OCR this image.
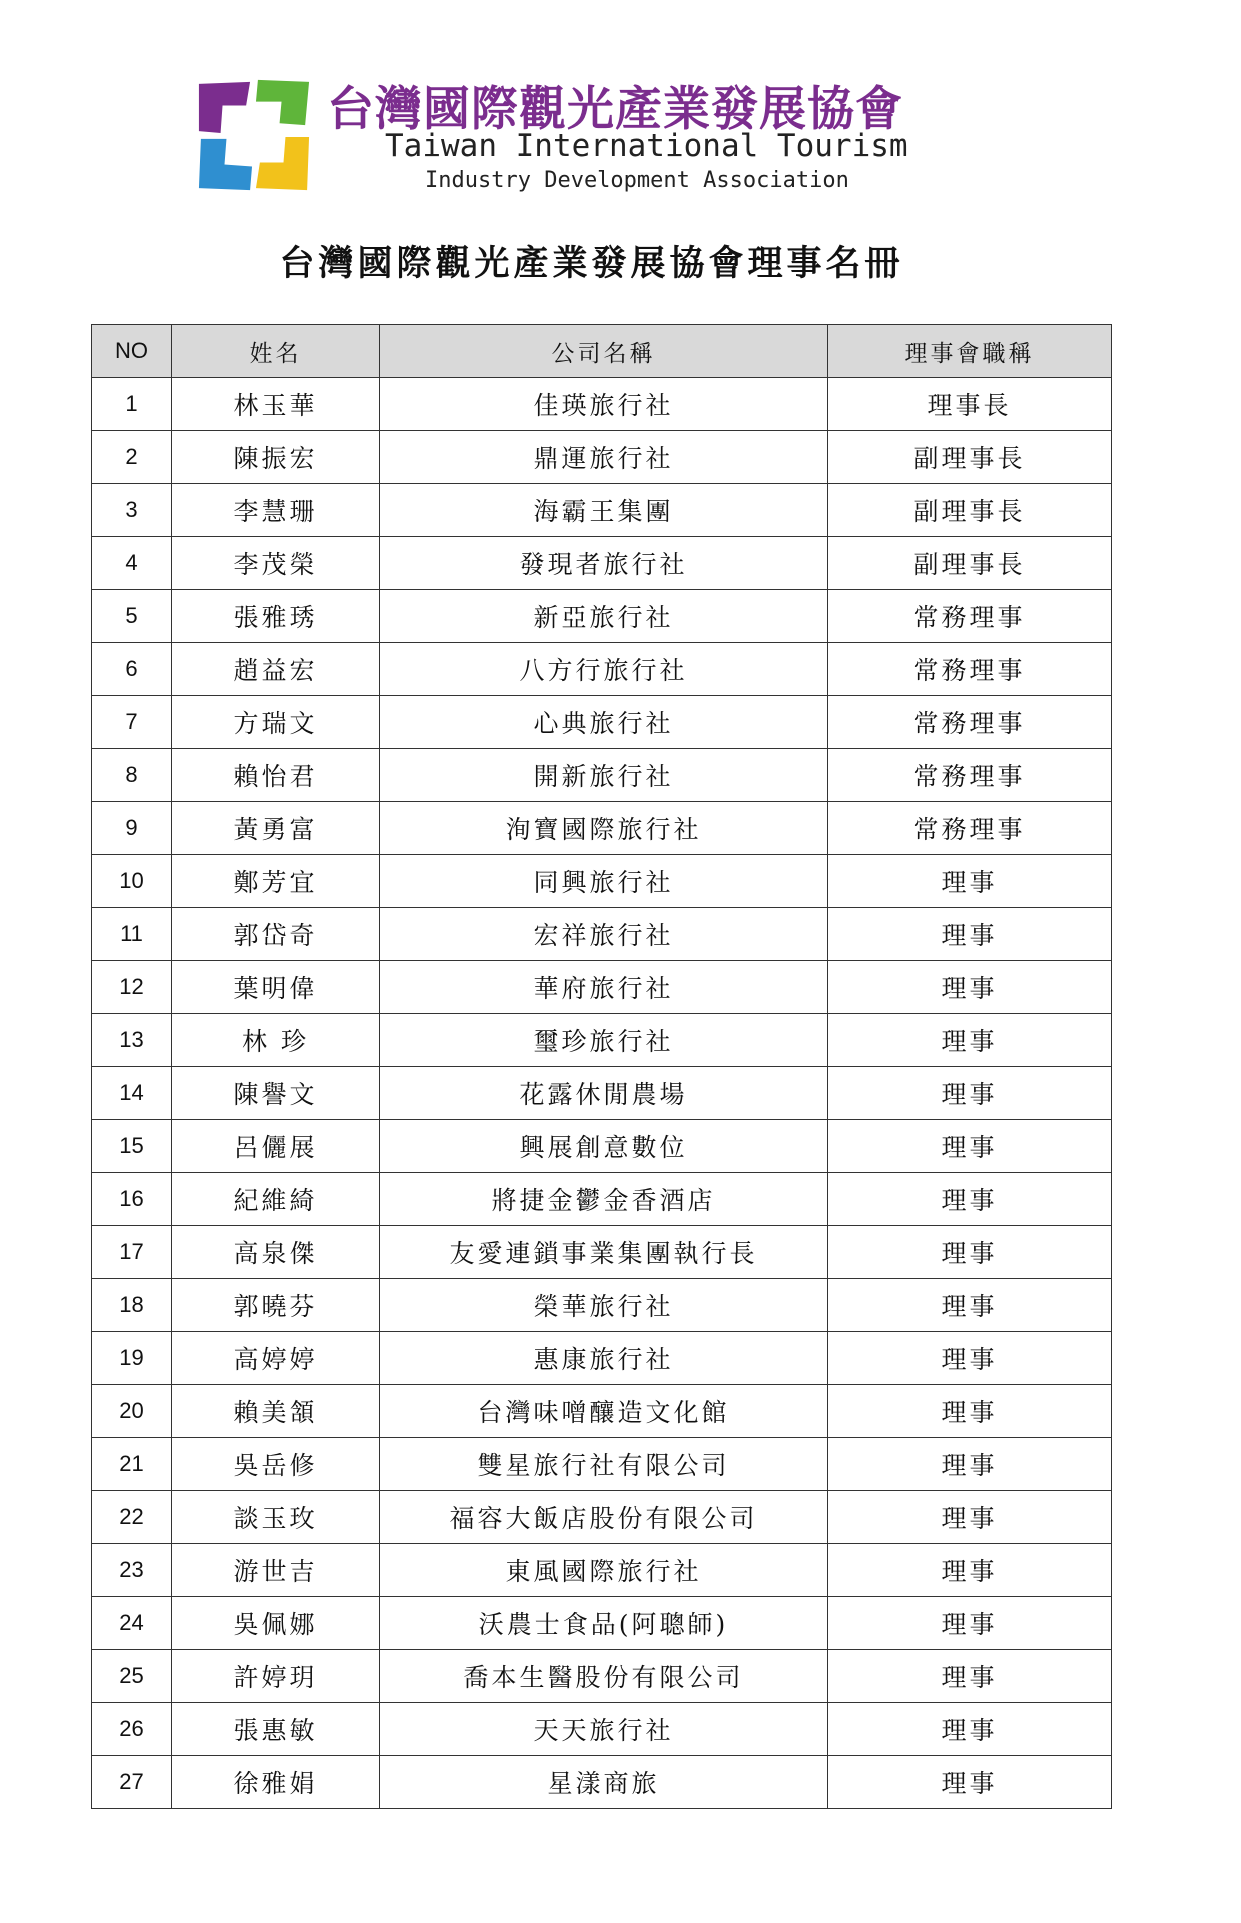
台灣國際觀光產業發展協會
Taiwan International Tourism
Industry Development Association
台灣國際觀光產業發展協會理事名冊
NO	姓名	公司名稱	理事會職稱
1	林玉華	佳瑛旅行社	理事長
2	陳振宏	鼎運旅行社	副理事長
3	李慧珊	海霸王集團	副理事長
4	李茂榮	發現者旅行社	副理事長
5	張雅琇	新亞旅行社	常務理事
6	趙益宏	八方行旅行社	常務理事
7	方瑞文	心典旅行社	常務理事
8	賴怡君	開新旅行社	常務理事
9	黃勇富	洵寶國際旅行社	常務理事
10	鄭芳宜	同興旅行社	理事
11	郭岱奇	宏祥旅行社	理事
12	葉明偉	華府旅行社	理事
13	林 珍	璽珍旅行社	理事
14	陳譽文	花露休閒農場	理事
15	呂儷展	興展創意數位	理事
16	紀維綺	將捷金鬱金香酒店	理事
17	高泉傑	友愛連鎖事業集團執行長	理事
18	郭曉芬	榮華旅行社	理事
19	高婷婷	惠康旅行社	理事
20	賴美頷	台灣味噌釀造文化館	理事
21	吳岳修	雙星旅行社有限公司	理事
22	談玉玫	福容大飯店股份有限公司	理事
23	游世吉	東風國際旅行社	理事
24	吳佩娜	沃農士食品(阿聰師)	理事
25	許婷玥	喬本生醫股份有限公司	理事
26	張惠敏	天天旅行社	理事
27	徐雅娟	星漾商旅	理事
